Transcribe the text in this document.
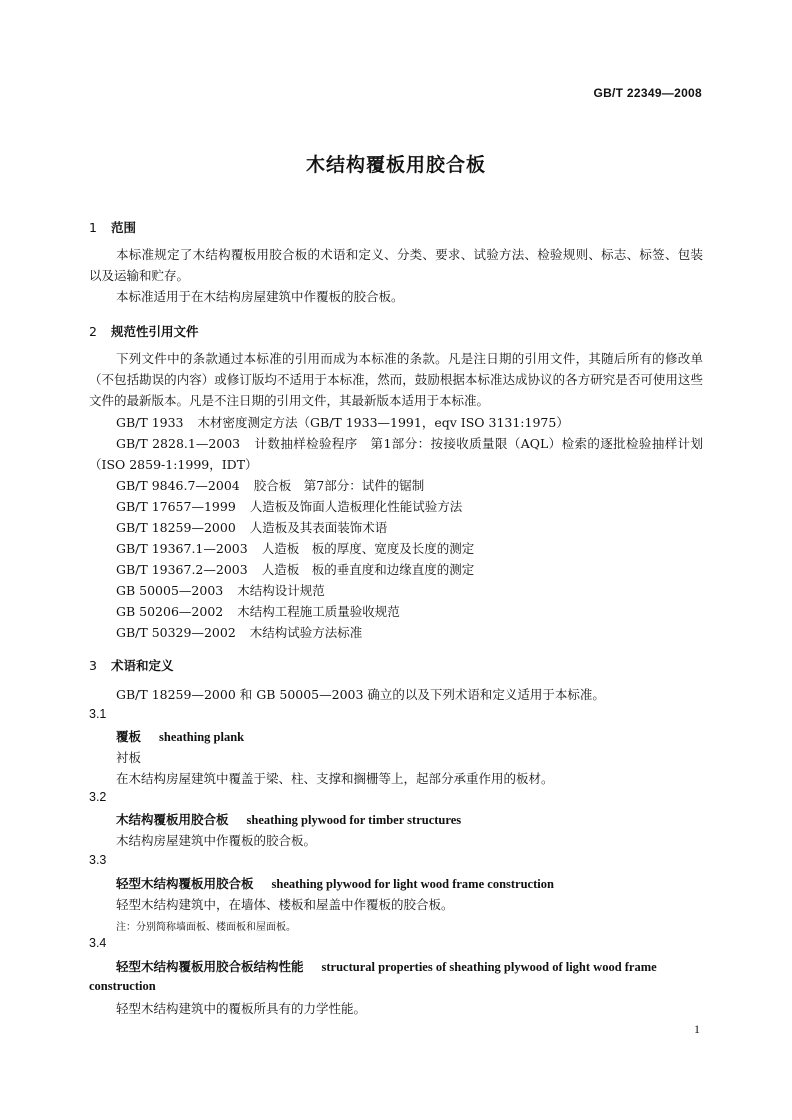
GB/T 22349—2008
木结构覆板用胶合板
1 范围
本标准规定了木结构覆板用胶合板的术语和定义、分类、要求、试验方法、检验规则、标志、标签、包装以及运输和贮存。
本标准适用于在木结构房屋建筑中作覆板的胶合板。
2 规范性引用文件
下列文件中的条款通过本标准的引用而成为本标准的条款。凡是注日期的引用文件，其随后所有的修改单（不包括勘误的内容）或修订版均不适用于本标准，然而，鼓励根据本标准达成协议的各方研究是否可使用这些文件的最新版本。凡是不注日期的引用文件，其最新版本适用于本标准。
GB/T 1933 木材密度测定方法（GB/T 1933—1991，eqv ISO 3131:1975）
GB/T 2828.1—2003 计数抽样检验程序　第1部分：按接收质量限（AQL）检索的逐批检验抽样计划（ISO 2859-1:1999，IDT）
GB/T 9846.7—2004 胶合板　第7部分：试件的锯制
GB/T 17657—1999 人造板及饰面人造板理化性能试验方法
GB/T 18259—2000 人造板及其表面装饰术语
GB/T 19367.1—2003 人造板　板的厚度、宽度及长度的测定
GB/T 19367.2—2003 人造板　板的垂直度和边缘直度的测定
GB 50005—2003 木结构设计规范
GB 50206—2002 木结构工程施工质量验收规范
GB/T 50329—2002 木结构试验方法标准
3 术语和定义
GB/T 18259—2000 和 GB 50005—2003 确立的以及下列术语和定义适用于本标准。
3.1
覆板 sheathing plank
衬板
在木结构房屋建筑中覆盖于梁、柱、支撑和搁栅等上，起部分承重作用的板材。
3.2
木结构覆板用胶合板 sheathing plywood for timber structures
木结构房屋建筑中作覆板的胶合板。
3.3
轻型木结构覆板用胶合板 sheathing plywood for light wood frame construction
轻型木结构建筑中，在墙体、楼板和屋盖中作覆板的胶合板。
注：分别简称墙面板、楼面板和屋面板。
3.4
轻型木结构覆板用胶合板结构性能 structural properties of sheathing plywood of light wood frame
construction
轻型木结构建筑中的覆板所具有的力学性能。
1
